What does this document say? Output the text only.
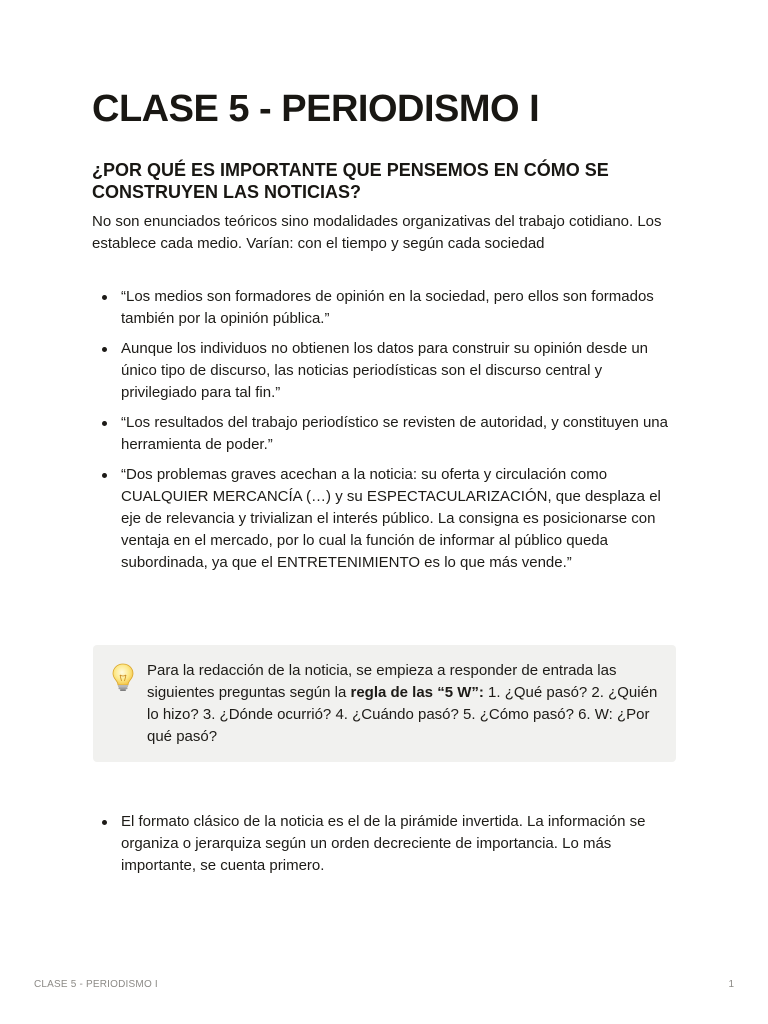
CLASE 5 - PERIODISMO I
¿POR QUÉ ES IMPORTANTE QUE PENSEMOS EN CÓMO SE CONSTRUYEN LAS NOTICIAS?

No son enunciados teóricos sino modalidades organizativas del trabajo cotidiano. Los establece cada medio. Varían: con el tiempo y según cada sociedad

“Los medios son formadores de opinión en la sociedad, pero ellos son formados también por la opinión pública.”
Aunque los individuos no obtienen los datos para construir su opinión desde un único tipo de discurso, las noticias periodísticas son el discurso central y privilegiado para tal fin.”
“Los resultados del trabajo periodístico se revisten de autoridad, y constituyen una herramienta de poder.”
“Dos problemas graves acechan a la noticia: su oferta y circulación como CUALQUIER MERCANCÍA (…) y su ESPECTACULARIZACIÓN, que desplaza el eje de relevancia y trivializan el interés público. La consigna es posicionarse con ventaja en el mercado, por lo cual la función de informar al público queda subordinada, ya que el ENTRETENIMIENTO es lo que más vende.”

Para la redacción de la noticia, se empieza a responder de entrada las siguientes preguntas según la regla de las “5 W”: 1. ¿Qué pasó? 2. ¿Quién lo hizo? 3. ¿Dónde ocurrió? 4. ¿Cuándo pasó? 5. ¿Cómo pasó? 6. W: ¿Por qué pasó?

El formato clásico de la noticia es el de la pirámide invertida. La información se organiza o jerarquiza según un orden decreciente de importancia. Lo más importante, se cuenta primero.
CLASE 5 - PERIODISMO I	1
